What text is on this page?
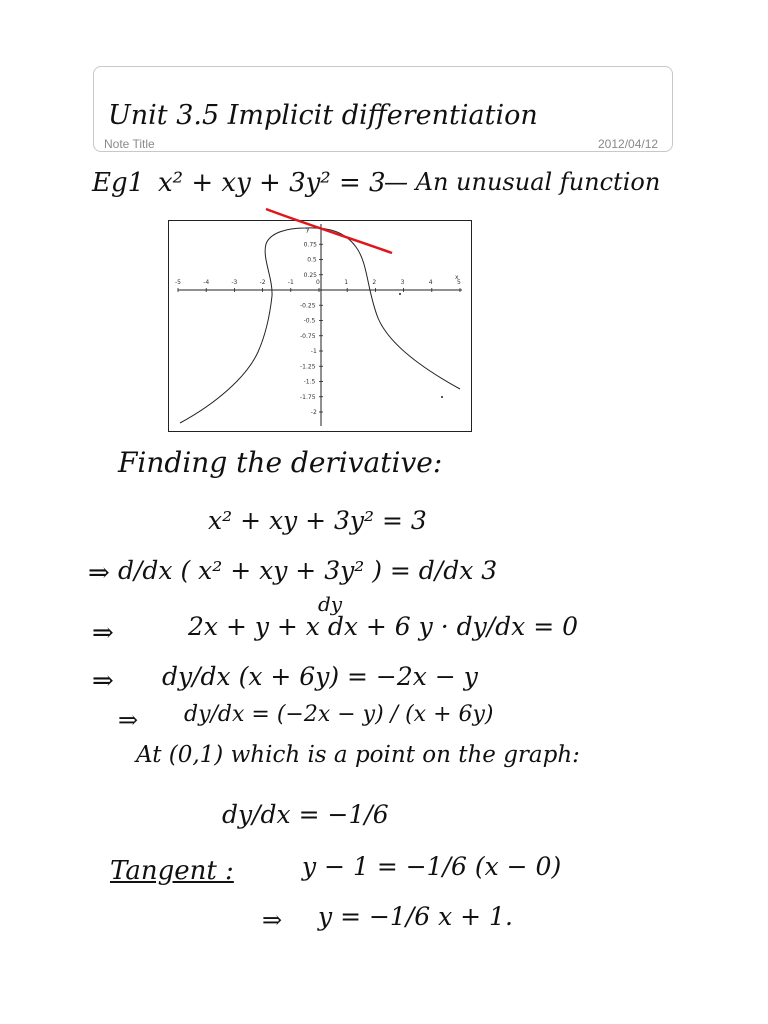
Unit 3.5 Implicit differentiation
Note Title	2012/04/12
Eg1 x² + xy + 3y² = 3
— An unusual function
-5	-4	-3	-2	-1	0	1	2	3	4	5
0.75
0.5
0.25
-0.25
-0.5
-0.75
-1
-1.25
-1.5
-1.75
-2
x
y
Finding the derivative:
x² + xy + 3y² = 3
⇒ d/dx ( x² + xy + 3y² ) = d/dx 3
⇒
dy
2x + y + x dx + 6 y · dy/dx = 0
⇒ dy/dx (x + 6y) = −2x − y
⇒ dy/dx = (−2x − y) / (x + 6y)
At (0,1) which is a point on the graph:
dy/dx = −1/6
Tangent :	y − 1 = −1/6 (x − 0)
⇒ y = −1/6 x + 1.
